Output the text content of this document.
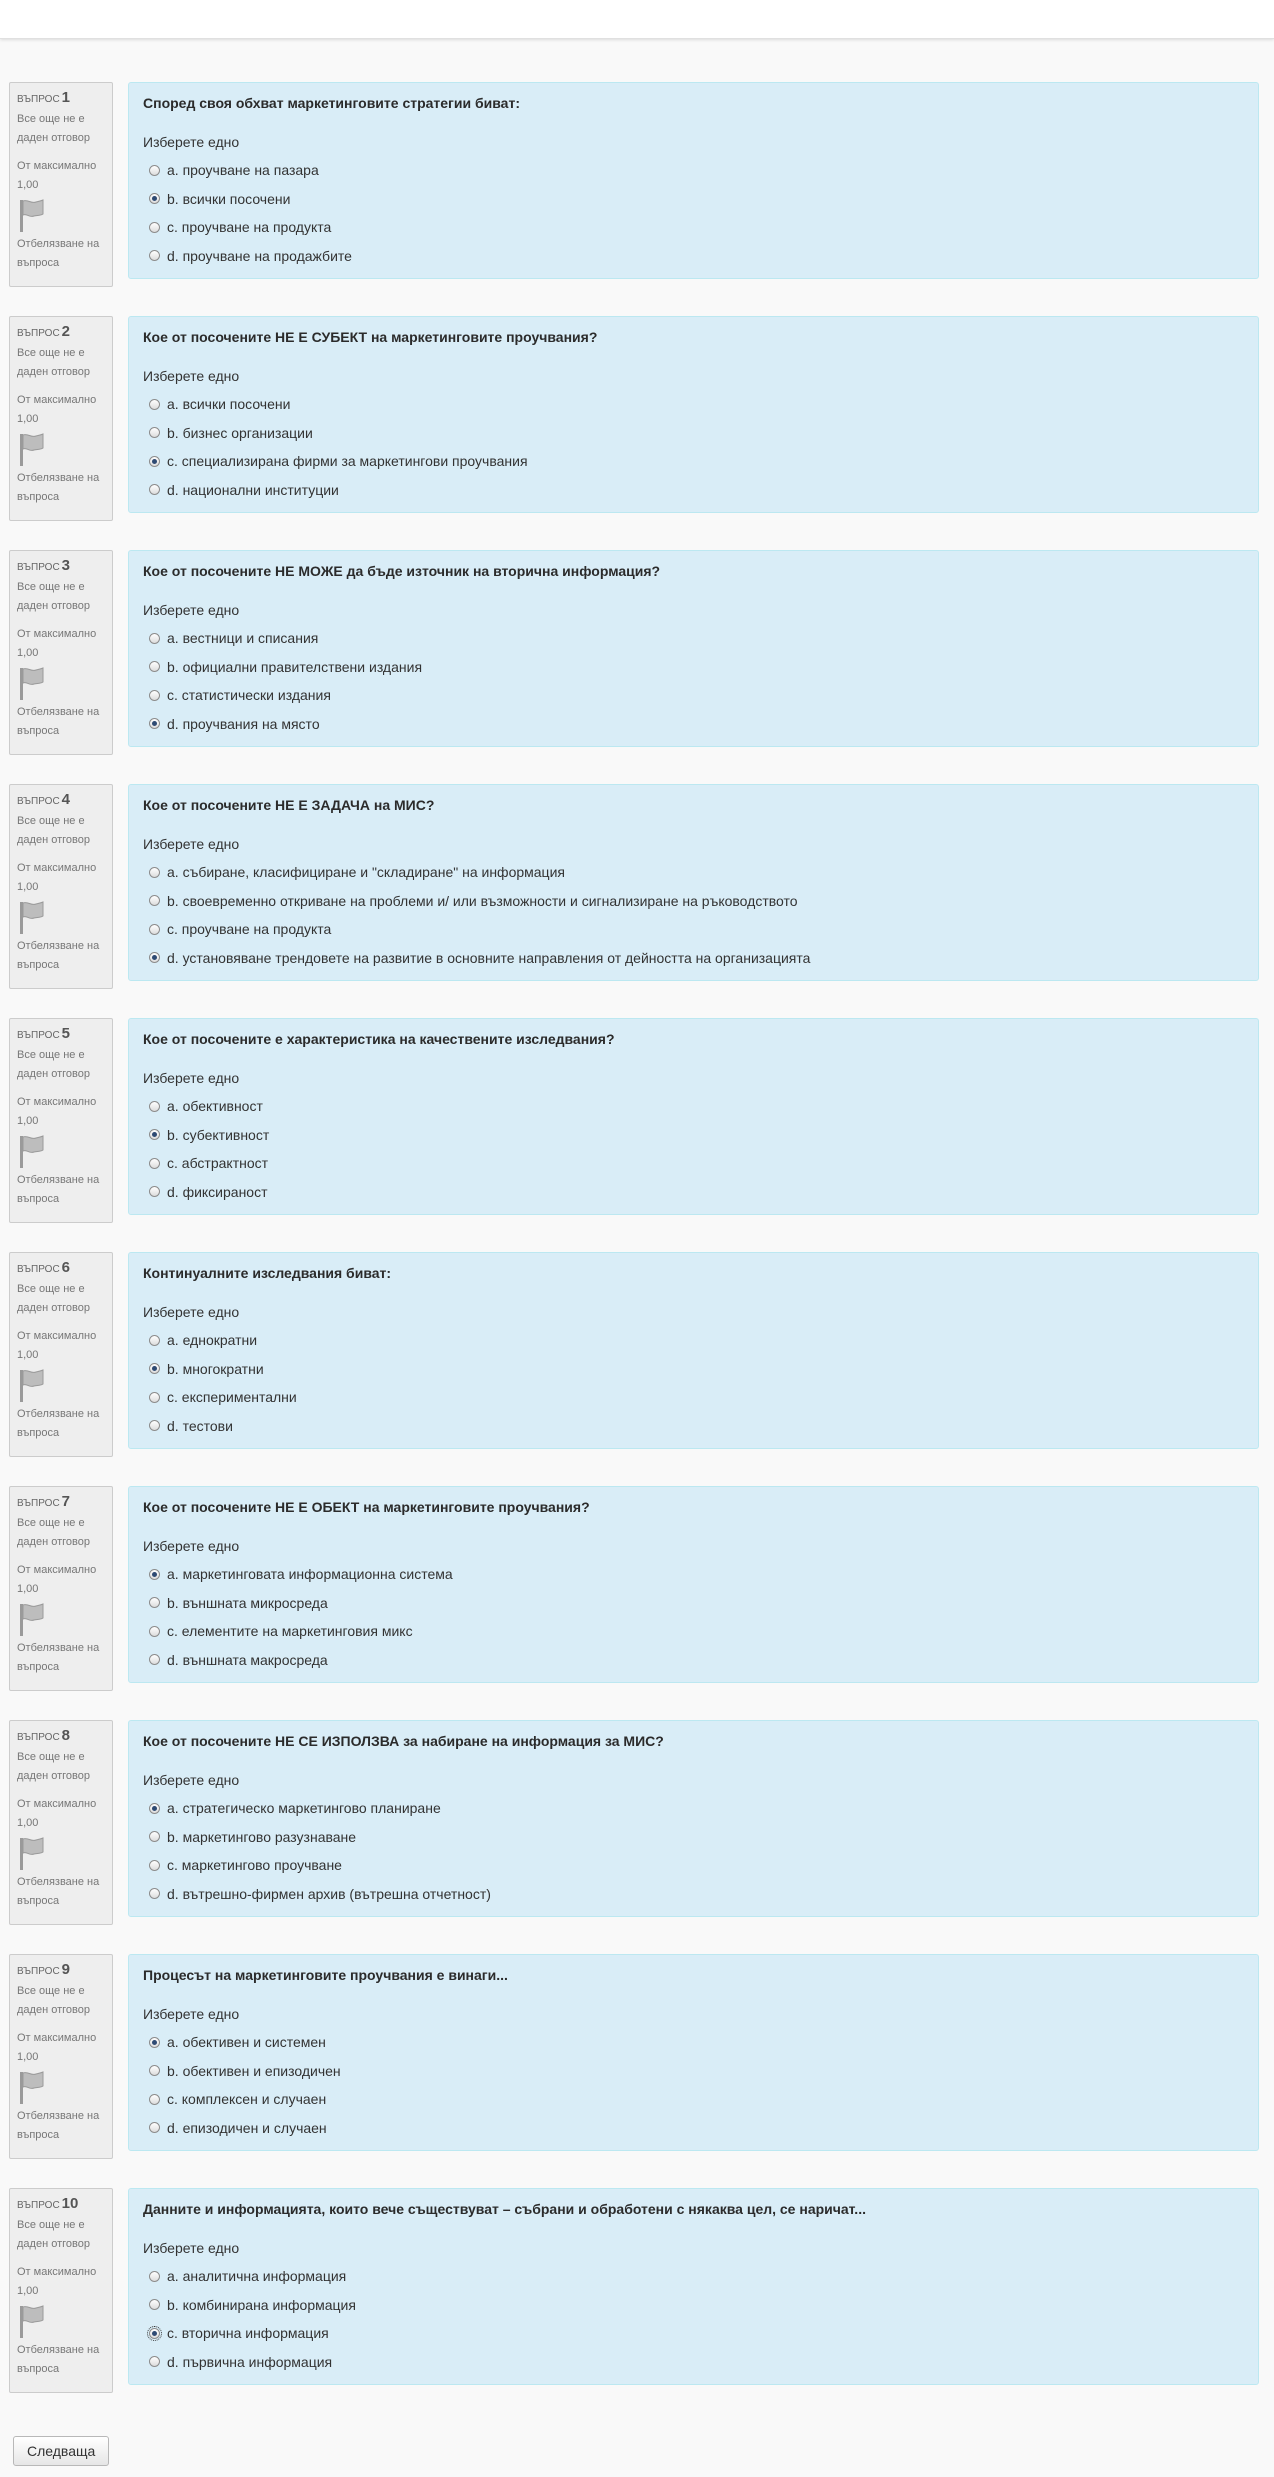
ВЪПРОС 1
Все още не е даден отговор
От максимално 1,00
Отбелязване на въпроса
Според своя обхват маркетинговите стратегии биват:
Изберете едно
a. проучване на пазара
b. всички посочени
c. проучване на продукта
d. проучване на продажбите
ВЪПРОС 2
Все още не е даден отговор
От максимално 1,00
Отбелязване на въпроса
Кое от посочените НЕ Е СУБЕКТ на маркетинговите проучвания?
Изберете едно
a. всички посочени
b. бизнес организации
c. специализирана фирми за маркетингови проучвания
d. национални институции
ВЪПРОС 3
Все още не е даден отговор
От максимално 1,00
Отбелязване на въпроса
Кое от посочените НЕ МОЖЕ да бъде източник на вторична информация?
Изберете едно
a. вестници и списания
b. официални правителствени издания
c. статистически издания
d. проучвания на място
ВЪПРОС 4
Все още не е даден отговор
От максимално 1,00
Отбелязване на въпроса
Кое от посочените НЕ Е ЗАДАЧА на МИС?
Изберете едно
a. събиране, класифициране и "складиране" на информация
b. своевременно откриване на проблеми и/ или възможности и сигнализиране на ръководството
c. проучване на продукта
d. установяване трендовете на развитие в основните направления от дейността на организацията
ВЪПРОС 5
Все още не е даден отговор
От максимално 1,00
Отбелязване на въпроса
Кое от посочените е характеристика на качествените изследвания?
Изберете едно
a. обективност
b. субективност
c. абстрактност
d. фиксираност
ВЪПРОС 6
Все още не е даден отговор
От максимално 1,00
Отбелязване на въпроса
Континуалните изследвания биват:
Изберете едно
a. еднократни
b. многократни
c. експериментални
d. тестови
ВЪПРОС 7
Все още не е даден отговор
От максимално 1,00
Отбелязване на въпроса
Кое от посочените НЕ Е ОБЕКТ на маркетинговите проучвания?
Изберете едно
a. маркетинговата информационна система
b. външната микросреда
c. елементите на маркетинговия микс
d. външната макросреда
ВЪПРОС 8
Все още не е даден отговор
От максимално 1,00
Отбелязване на въпроса
Кое от посочените НЕ СЕ ИЗПОЛЗВА за набиране на информация за МИС?
Изберете едно
a. стратегическо маркетингово планиране
b. маркетингово разузнаване
c. маркетингово проучване
d. вътрешно-фирмен архив (вътрешна отчетност)
ВЪПРОС 9
Все още не е даден отговор
От максимално 1,00
Отбелязване на въпроса
Процесът на маркетинговите проучвания е винаги...
Изберете едно
a. обективен и системен
b. обективен и епизодичен
c. комплексен и случаен
d. епизодичен и случаен
ВЪПРОС 10
Все още не е даден отговор
От максимално 1,00
Отбелязване на въпроса
Данните и информацията, които вече съществуват – събрани и обработени с някаква цел, се наричат...
Изберете едно
a. аналитична информация
b. комбинирана информация
c. вторична информация
d. първична информация
Следваща
